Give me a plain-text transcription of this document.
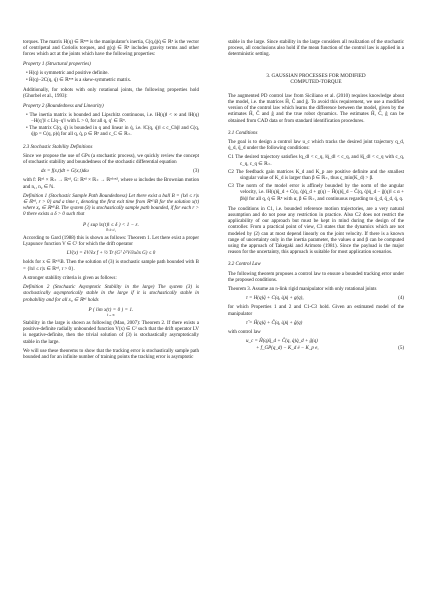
torques. The matrix H(q) ∈ ℝⁿˣⁿ is the manipulator's inertia, C(q,q̇)q̇ ∈ ℝⁿ is the vector of centripetal and Coriolis torques, and g(q) ∈ ℝⁿ includes gravity terms and other forces which act at the joints which have the following properties:

Property 1 (Structural properties)

• H(q) is symmetric and positive definite.
• Ḣ(q)−2C(q, q̇) ∈ ℝⁿˣⁿ is a skew-symmetric matrix.

Additionally, for robots with only rotational joints, the following properties hold (Ghorbel et al., 1993):

Property 2 (Boundedness and Linearity)

• The inertia matrix is bounded and Lipschitz continuous, i.e. ‖H(q)‖ < ∞ and ‖H(q)−H(q′)‖ ≤ L‖q−q′‖ with L > 0, for all q, q′ ∈ ℝⁿ.
• The matrix C(q, q̇) is bounded in q and linear in q̇, i.e. ‖C(q, q̇)‖ ≤ c_C‖q̇‖ and C(q, q̇)p = C(q, p)q̇ for all q, q̇, p ∈ ℝⁿ and c_C ∈ ℝ₊.
2.3 Stochastic Stability Definitions

Since we propose the use of GPs (a stochastic process), we quickly review the concept of stochastic stability and boundedness of the stochastic differential equation

dx = f(x,t)dt + G(x,t)dω	(3)

with f: ℝⁿ¹ × ℝ₊ → ℝⁿ¹, G: ℝⁿ¹ × ℝ₊ → ℝⁿ¹ˣⁿ², where ω includes the Brownian motion and n₁, n₂ ∈ ℕ.

Definition 1 (Stochastic Sample Path Boundedness) Let there exist a ball B = {‖x‖ ≤ r|x ∈ ℝⁿ¹, r > 0} and a time t₁ denoting the first exit time from ℝⁿ¹\B for the solution x(t) where x₀ ∈ ℝⁿ¹\B. The system (3) is stochastically sample path bounded, if for each r > 0 there exists a δ > 0 such that

P ( sup ‖x(t)‖ ≤ δ ) < 1 − ε.
0≤t≤t₁

According to Gard (1988) this is shown as follows: Theorem 1. Let there exist a proper Lyapunov function V ∈ C² for which the drift operator

LV(x) = ∂V/∂x f + ½ Tr (Gᵀ ∂²V/∂x∂x G) ≤ 0

holds for x ∈ ℝⁿ¹\B. Then the solution of (3) is stochastic sample path bounded with B = {‖x‖ ≤ r|x ∈ ℝⁿ¹, r > 0}.

A stronger stability criteria is given as follows:

Definition 2 (Stochastic Asymptotic Stability in the large) The system (3) is stochastically asymptotically stable in the large if it is stochastically stable in probability and for all x₀ ∈ ℝⁿ¹ holds

P ( lim x(t) = 0 ) = 1.
t→∞

Stability in the large is shown as following (Mao, 2007): Theorem 2. If there exists a positive-definite radially unbounded function V(x) ∈ C² such that the drift operator LV is negative-definite, then the trivial solution of (3) is stochastically asymptotically stable in the large.

We will use these theorems to show that the tracking error is stochastically sample path bounded and for an infinite number of training points the tracking error is asymptotic

stable in the large. Since stability in the large considers all realization of the stochastic process, all conclusions also hold if the mean function of the control law is applied in a deterministic setting.

3. GAUSSIAN PROCESSES FOR MODIFIED
COMPUTED-TORQUE

The augmented PD control law from Siciliano et al. (2010) requires knowledge about the model, i.e. the matrices Ĥ, Ĉ and ĝ. To avoid this requirement, we use a modified version of the control law which learns the difference between the model, given by the estimates Ĥ, Ĉ and ĝ and the true robot dynamics. The estimates Ĥ, Ĉ, ĝ can be obtained from CAD data or from standard identification procedures.

3.1 Conditions

The goal is to design a control law u_c which tracks the desired joint trajectory q_d, q̇_d, q̈_d under the following conditions:

C1 The desired trajectory satisfies ‖q_d‖ < c_q, ‖q̇_d‖ < c_q, and ‖q̈_d‖ < c_q with c_q, c_q, c_q ∈ ℝ₊.
C2 The feedback gain matrices K_d and K_p are positive definite and the smallest singular value of K_d is larger than β ∈ ℝ₊, thus ς_min(K_d) > β.
C3 The norm of the model error is affinely bounded by the norm of the angular velocity, i.e. ‖H(q)q̈_d + C(q, q̇)q̇_d + g(q) − Ĥ(q)q̈_d − Ĉ(q, q̇)q̇_d − ĝ(q)‖ ≤ α + β‖q̇‖ for all q, q̇ ∈ ℝⁿ with α, β ∈ ℝ₊, and continuous regarding to q̇_d, q̈_d, q̇, q.

The conditions in C1, i.e. bounded reference motion trajectories, are a very natural assumption and do not pose any restriction in practice. Also C2 does not restrict the applicability of our approach but must be kept in mind during the design of the controller. From a practical point of view, C3 states that the dynamics which are not modeled by (2) can at most depend linearly on the joint velocity. If there is a known range of uncertainty only in the inertia parameter, the values α and β can be computed using the approach of Takegaki and Arimoto (1981). Since the payload is the major reason for the uncertainty, this approach is suitable for most application scenarios.

3.2 Control Law

The following theorem proposes a control law to ensure a bounded tracking error under the proposed conditions.

Theorem 3. Assume an n-link rigid manipulator with only rotational joints

τ = H(q)q̈ + C(q, q̇)q̇ + g(q),	(4)

for which Properties 1 and 2 and C1-C3 hold. Given an estimated model of the manipulator

τ̂ = Ĥ(q)q̈ + Ĉ(q, q̇)q̇ + ĝ(q)

with control law

u_c = Ĥ(q)q̈_d + Ĉ(q, q̇)q̇_d + ĝ(q)
+ f_GP(q_d) − K_d ė − K_p e,	(5)
